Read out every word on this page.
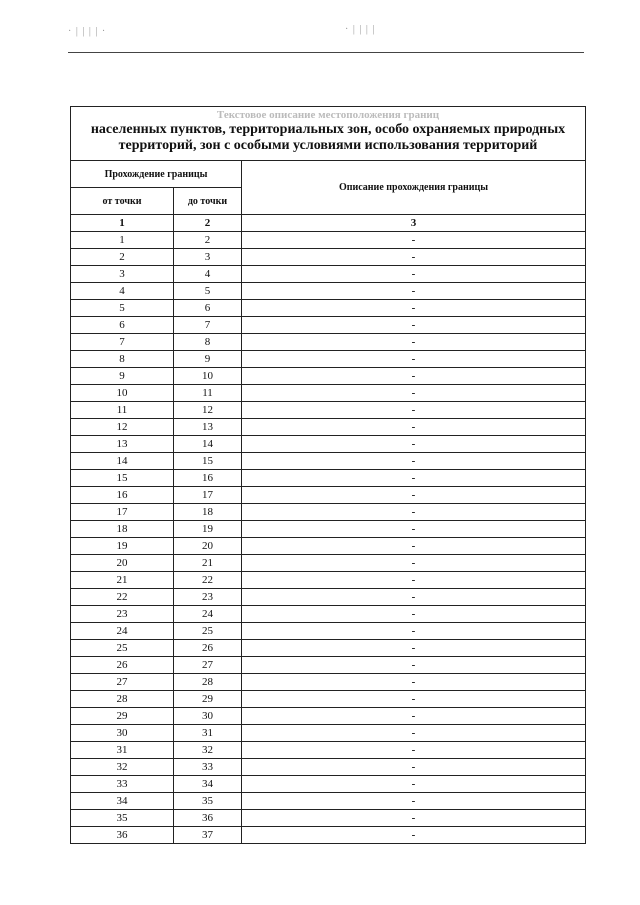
· | | | | ·	· | | | |
Текстовое описание местоположения границ
населенных пунктов, территориальных зон, особо охраняемых природных
территорий, зон с особыми условиями использования территорий		
Прохождение границы		Описание прохождения границы
от точки	до точки	
1	2	3
1	2	-
2	3	-
3	4	-
4	5	-
5	6	-
6	7	-
7	8	-
8	9	-
9	10	-
10	11	-
11	12	-
12	13	-
13	14	-
14	15	-
15	16	-
16	17	-
17	18	-
18	19	-
19	20	-
20	21	-
21	22	-
22	23	-
23	24	-
24	25	-
25	26	-
26	27	-
27	28	-
28	29	-
29	30	-
30	31	-
31	32	-
32	33	-
33	34	-
34	35	-
35	36	-
36	37	-
